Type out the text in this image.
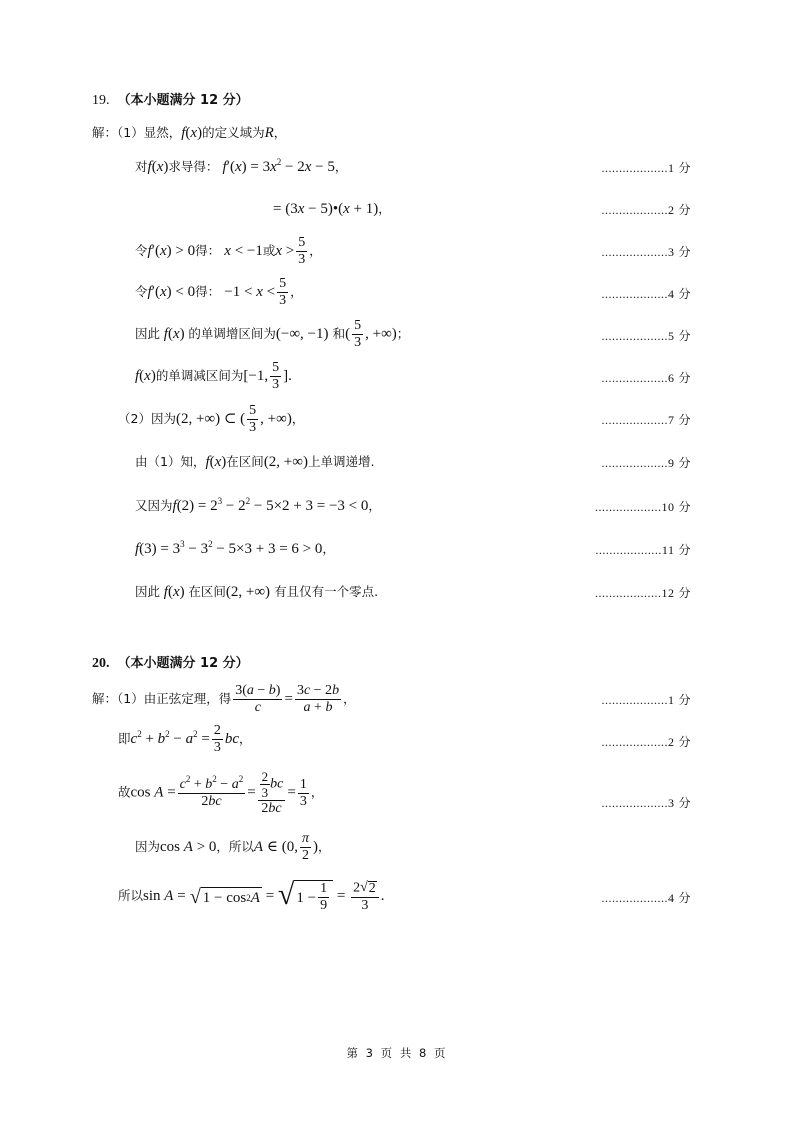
19. （本小题满分 12 分）
解：（1）显然，f(x)的定义域为R，
对f(x)求导得： $f'(x) = 3x^2 - 2x - 5$，	...................1 分
= (3x − 5)•(x + 1)，	...................2 分
令f′(x) > 0得： x < −1或$x > \frac{5}{3}$ ，	...................3 分
令f′(x) < 0得： $-1 < x < \frac{5}{3}$ ，	...................4 分
因此 f(x) 的单调增区间为(−∞, −1) 和( $\frac{5}{3}$ , +∞)；	...................5 分
f(x)的单调减区间为[−1, $\frac{5}{3}$ ].	...................6 分
（2）因为(2, +∞) ⊂ ( $\frac{5}{3}$ , +∞)，	...................7 分
由（1）知，f(x)在区间(2, +∞)上单调递增.	...................9 分
又因为$f(2) = 2^3 - 2^2 - 5\times 2 + 3 = -3 < 0$，	...................10 分
$f(3) = 3^3 - 3^2 - 5\times 3 + 3 = 6 > 0$，	...................11 分
因此 f(x) 在区间(2, +∞) 有且仅有一个零点.	...................12 分
20. （本小题满分 12 分）
解：（1）由正弦定理，得 $\frac{3(a - b)}{c} = \frac{3c - 2b}{a + b}$ ，	...................1 分
即$c^2 + b^2 - a^2 = \frac{2}{3}$ bc，	...................2 分
故$\cos A = \frac{c^2 + b^2 - a^2}{2bc} = \frac{\frac{2}{3} bc}{2bc} = \frac{1}{3}$ ，
...................3 分
因为cos A > 0，所以A ∈ (0, $\frac{\pi}{2}$ )，
所以sin A = √ 1 − cos 2 A = √ $1 - \frac{1}{9} = \frac{2 √ 2}{3}$ .	...................4 分
第 3 页 共 8 页
